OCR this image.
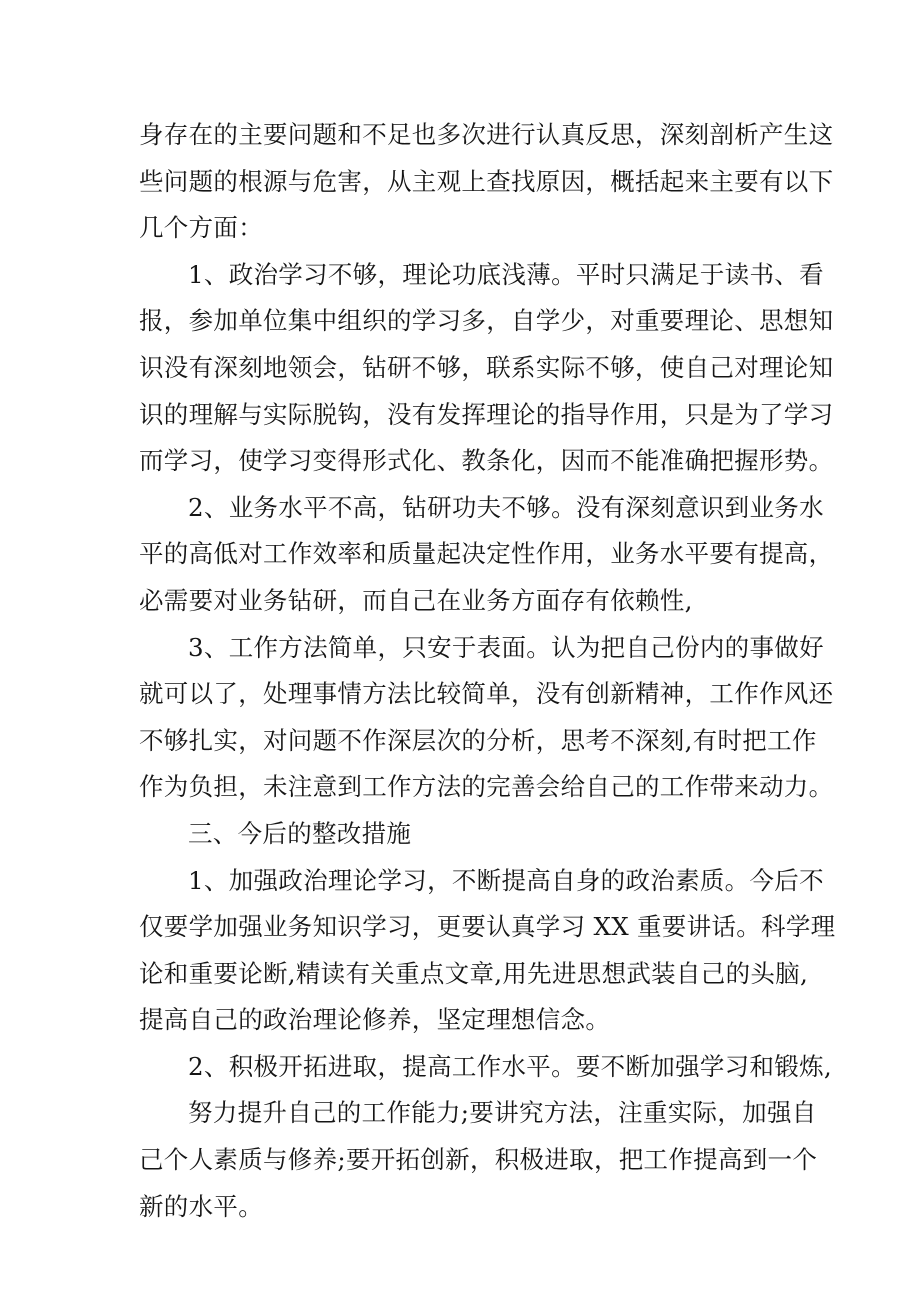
身存在的主要问题和不足也多次进行认真反思，深刻剖析产生这
些问题的根源与危害，从主观上查找原因，概括起来主要有以下
几个方面：
1、政治学习不够，理论功底浅薄。平时只满足于读书、看
报，参加单位集中组织的学习多，自学少，对重要理论、思想知
识没有深刻地领会，钻研不够，联系实际不够，使自己对理论知
识的理解与实际脱钩，没有发挥理论的指导作用，只是为了学习
而学习，使学习变得形式化、教条化，因而不能准确把握形势。
2、业务水平不高，钻研功夫不够。没有深刻意识到业务水
平的高低对工作效率和质量起决定性作用，业务水平要有提高，
必需要对业务钻研，而自己在业务方面存有依赖性,
3、工作方法简单，只安于表面。认为把自己份内的事做好
就可以了，处理事情方法比较简单，没有创新精神，工作作风还
不够扎实，对问题不作深层次的分析，思考不深刻,有时把工作
作为负担，未注意到工作方法的完善会给自己的工作带来动力。
三、今后的整改措施
1、加强政治理论学习，不断提高自身的政治素质。今后不
仅要学加强业务知识学习，更要认真学习 XX 重要讲话。科学理
论和重要论断,精读有关重点文章,用先进思想武装自己的头脑,
提高自己的政治理论修养，坚定理想信念。
2、积极开拓进取，提高工作水平。要不断加强学习和锻炼,
努力提升自己的工作能力;要讲究方法，注重实际，加强自
己个人素质与修养;要开拓创新，积极进取，把工作提高到一个
新的水平。
